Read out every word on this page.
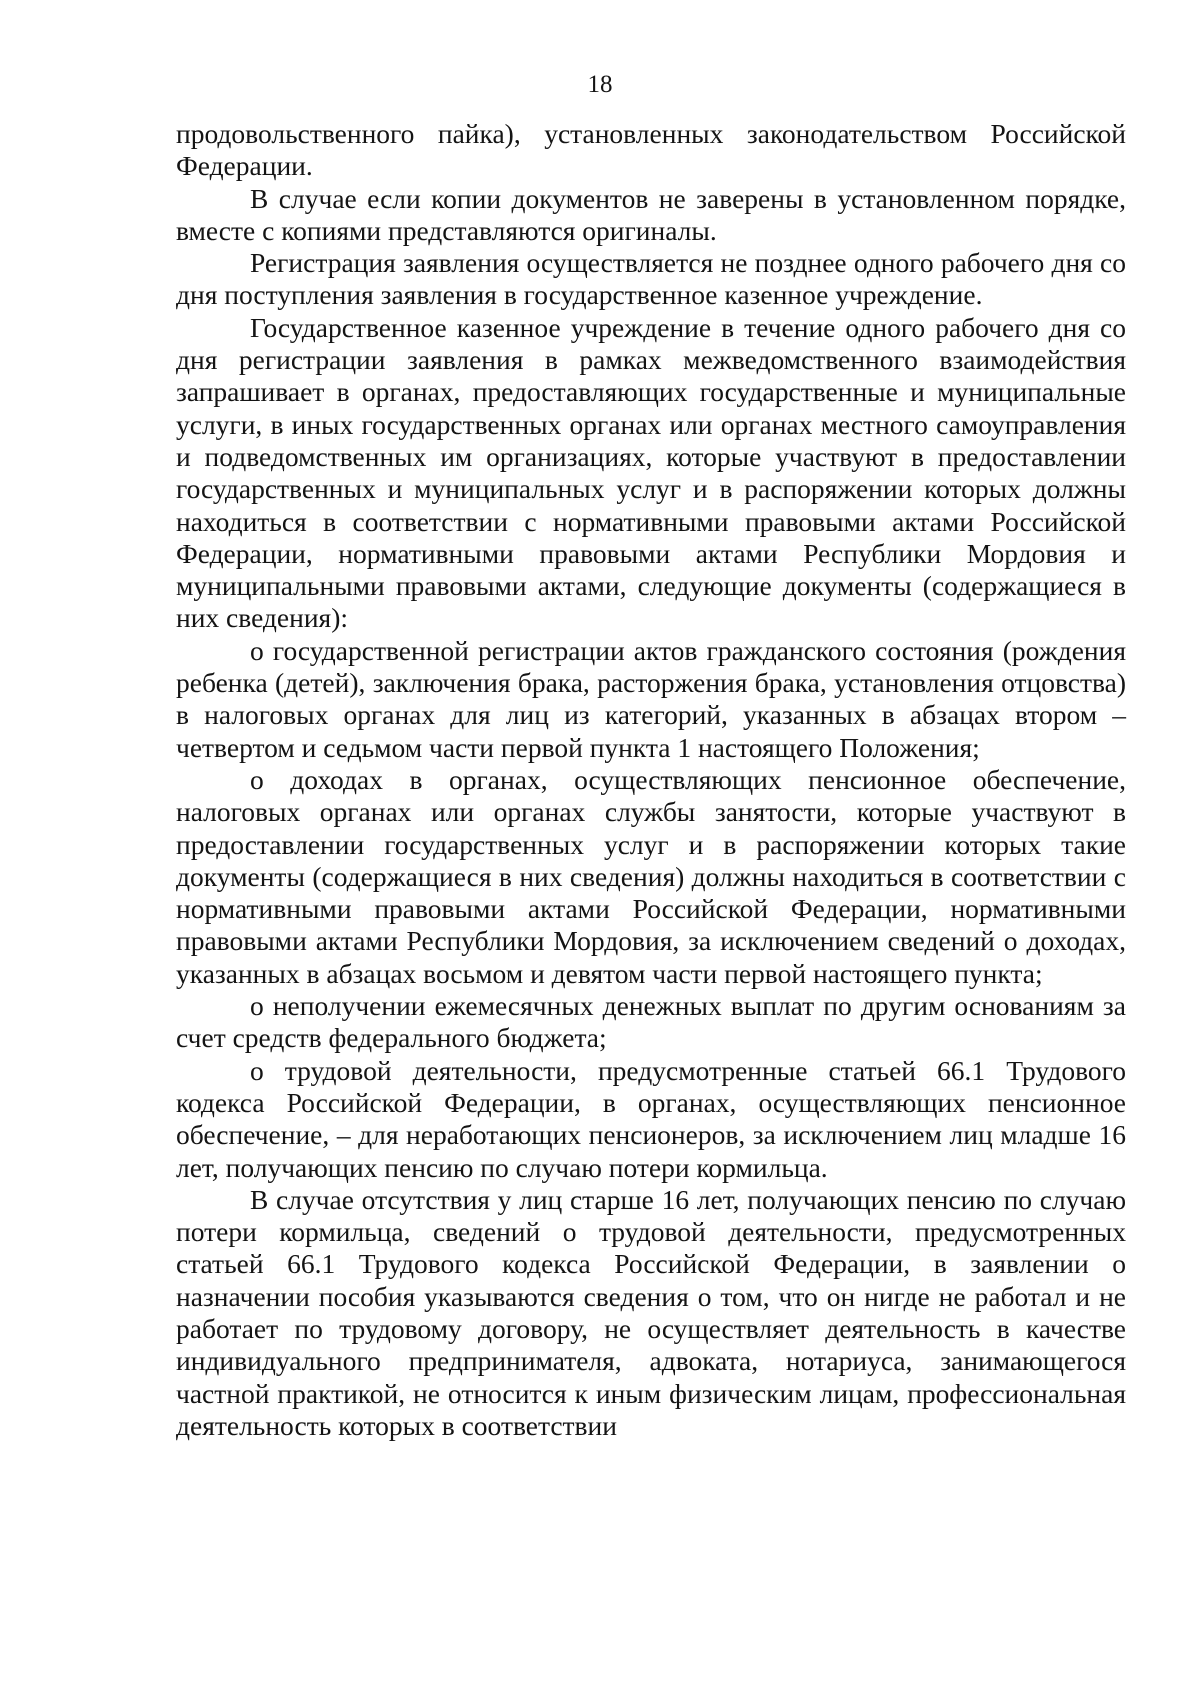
18

продовольственного пайка), установленных законодательством Российской Федерации.

В случае если копии документов не заверены в установленном порядке, вместе с копиями представляются оригиналы.

Регистрация заявления осуществляется не позднее одного рабочего дня со дня поступления заявления в государственное казенное учреждение.

Государственное казенное учреждение в течение одного рабочего дня со дня регистрации заявления в рамках межведомственного взаимодействия запрашивает в органах, предоставляющих государственные и муниципальные услуги, в иных государственных органах или органах местного самоуправления и подведомственных им организациях, которые участвуют в предоставлении государственных и муниципальных услуг и в распоряжении которых должны находиться в соответствии с нормативными правовыми актами Российской Федерации, нормативными правовыми актами Республики Мордовия и муниципальными правовыми актами, следующие документы (содержащиеся в них сведения):

о государственной регистрации актов гражданского состояния (рождения ребенка (детей), заключения брака, расторжения брака, установления отцовства) в налоговых органах для лиц из категорий, указанных в абзацах втором – четвертом и седьмом части первой пункта 1 настоящего Положения;

о доходах в органах, осуществляющих пенсионное обеспечение, налоговых органах или органах службы занятости, которые участвуют в предоставлении государственных услуг и в распоряжении которых такие документы (содержащиеся в них сведения) должны находиться в соответствии с нормативными правовыми актами Российской Федерации, нормативными правовыми актами Республики Мордовия, за исключением сведений о доходах, указанных в абзацах восьмом и девятом части первой настоящего пункта;

о неполучении ежемесячных денежных выплат по другим основаниям за счет средств федерального бюджета;

о трудовой деятельности, предусмотренные статьей 66.1 Трудового кодекса Российской Федерации, в органах, осуществляющих пенсионное обеспечение, – для неработающих пенсионеров, за исключением лиц младше 16 лет, получающих пенсию по случаю потери кормильца.

В случае отсутствия у лиц старше 16 лет, получающих пенсию по случаю потери кормильца, сведений о трудовой деятельности, предусмотренных статьей 66.1 Трудового кодекса Российской Федерации, в заявлении о назначении пособия указываются сведения о том, что он нигде не работал и не работает по трудовому договору, не осуществляет деятельность в качестве индивидуального предпринимателя, адвоката, нотариуса, занимающегося частной практикой, не относится к иным физическим лицам, профессиональная деятельность которых в соответствии
